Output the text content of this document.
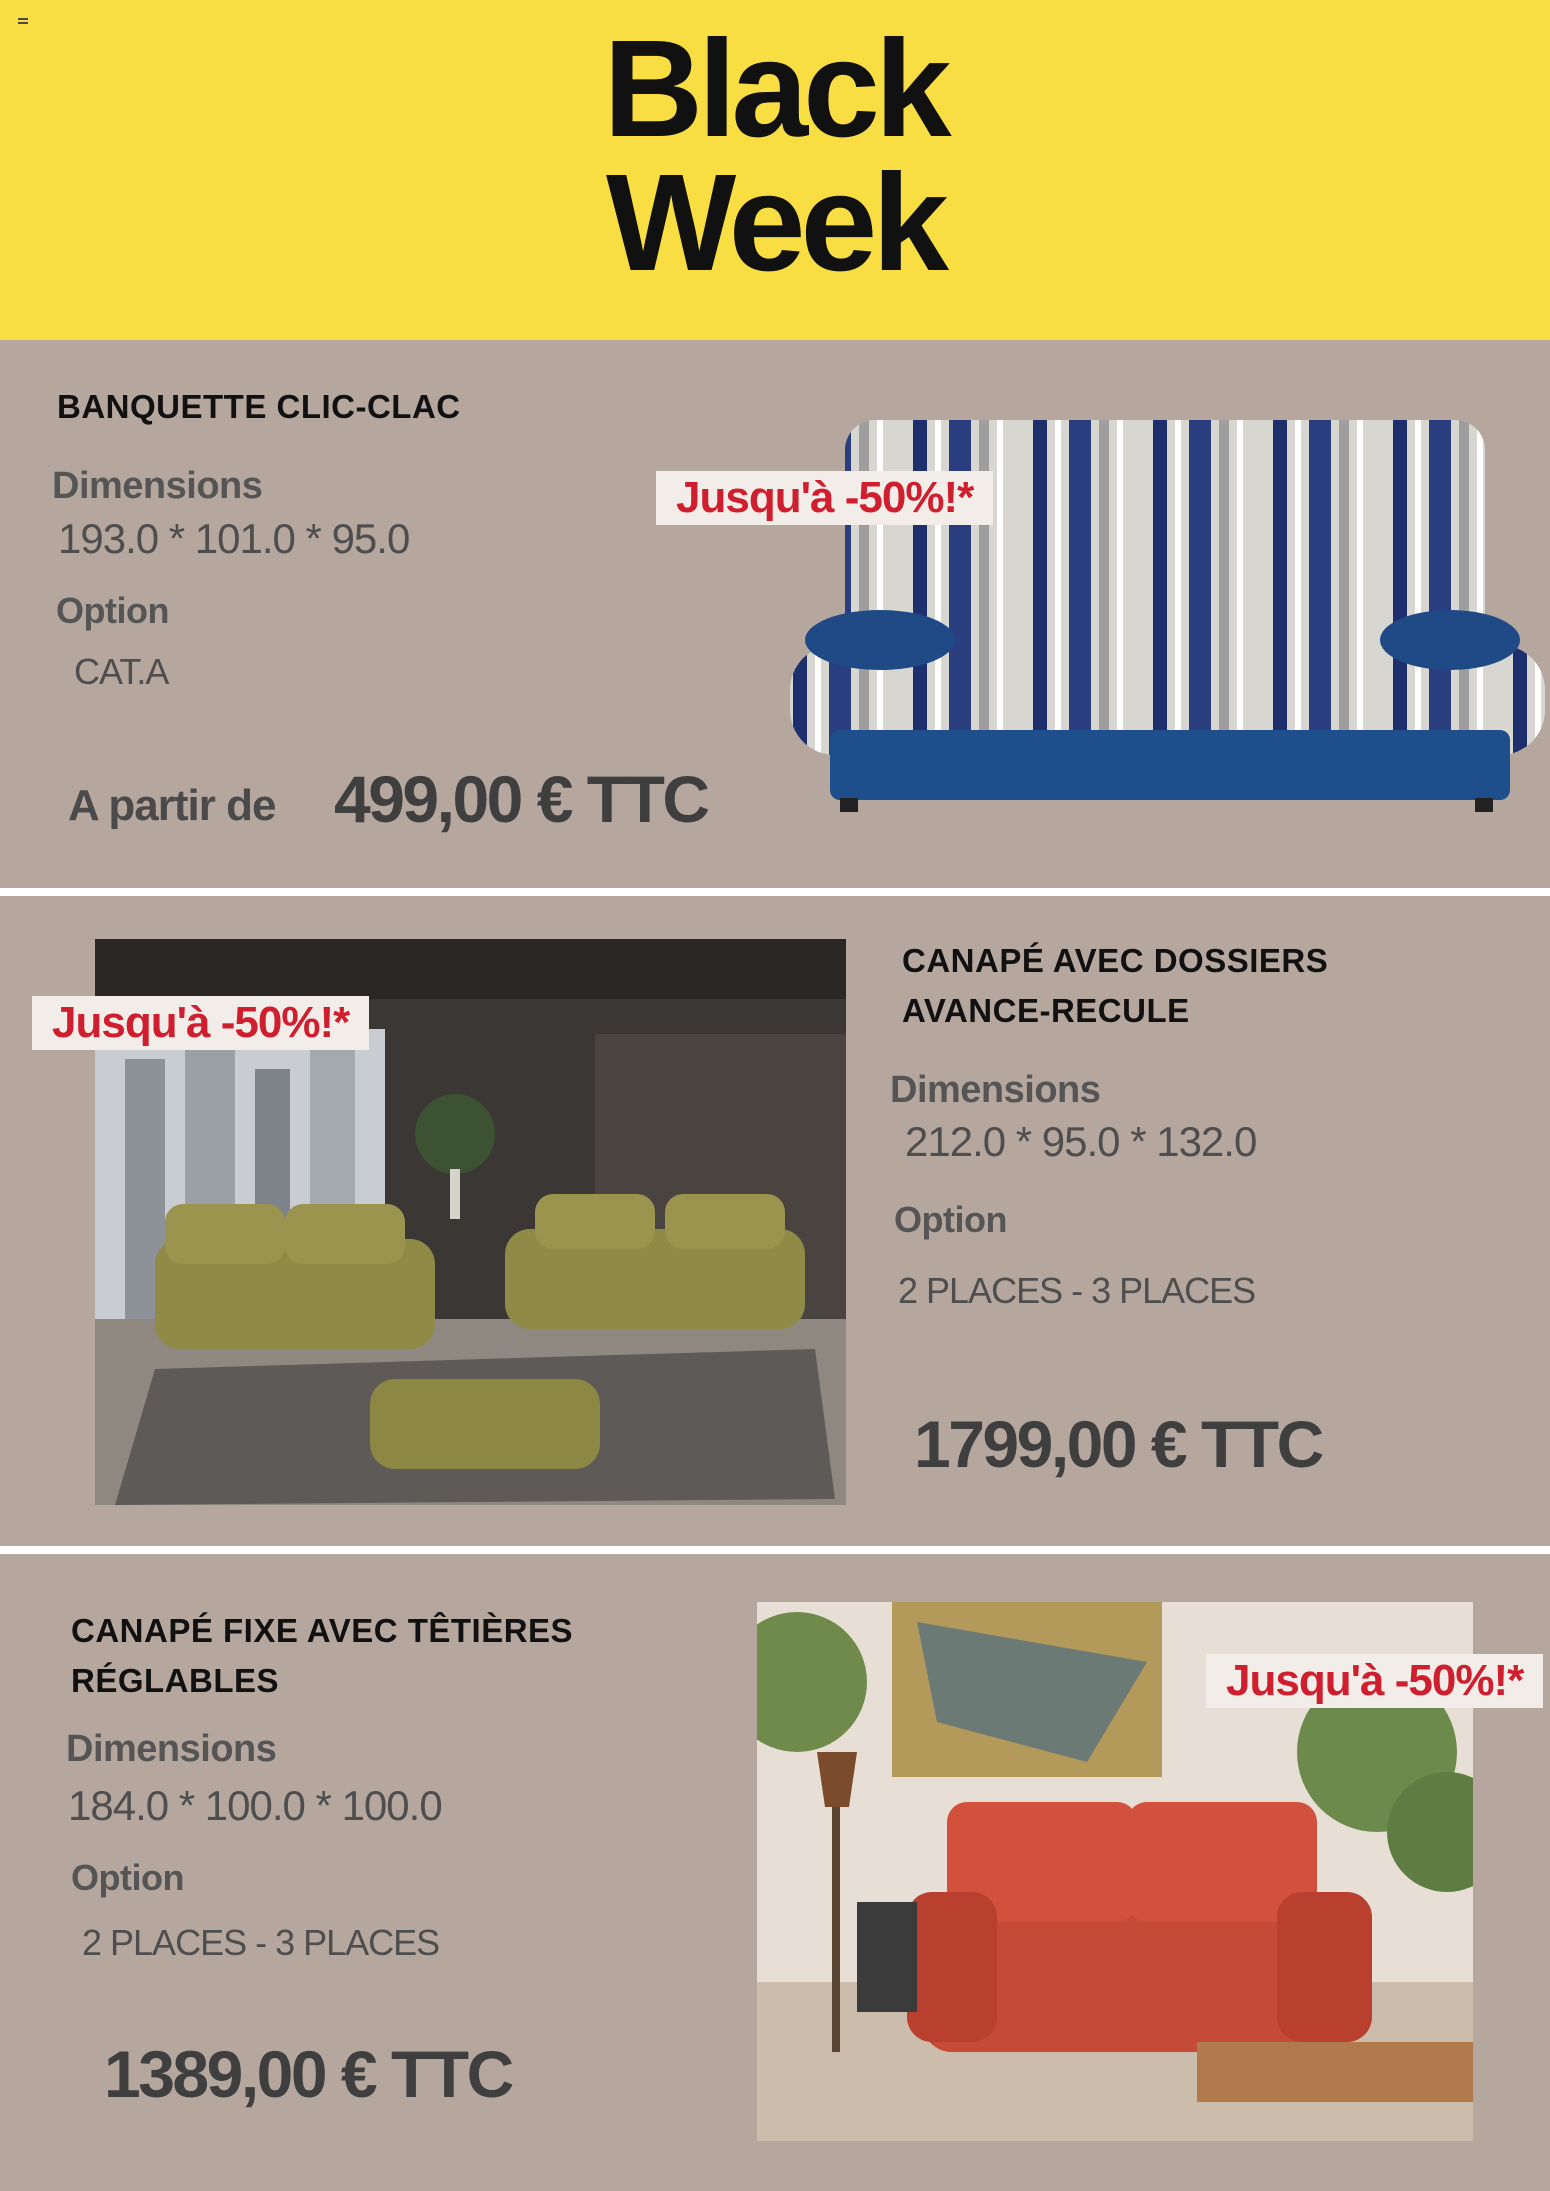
Black
Week
BANQUETTE CLIC-CLAC
Dimensions
193.0 * 101.0 * 95.0
Option
CAT.A
A partir de 499,00 € TTC
Jusqu'à -50%!*
Jusqu'à -50%!*
CANAPÉ AVEC DOSSIERS
AVANCE-RECULE
Dimensions
212.0 * 95.0 * 132.0
Option
2 PLACES - 3 PLACES
1799,00 € TTC
CANAPÉ FIXE AVEC TÊTIÈRES
RÉGLABLES
Dimensions
184.0 * 100.0 * 100.0
Option
2 PLACES - 3 PLACES
1389,00 € TTC
Jusqu'à -50%!*
